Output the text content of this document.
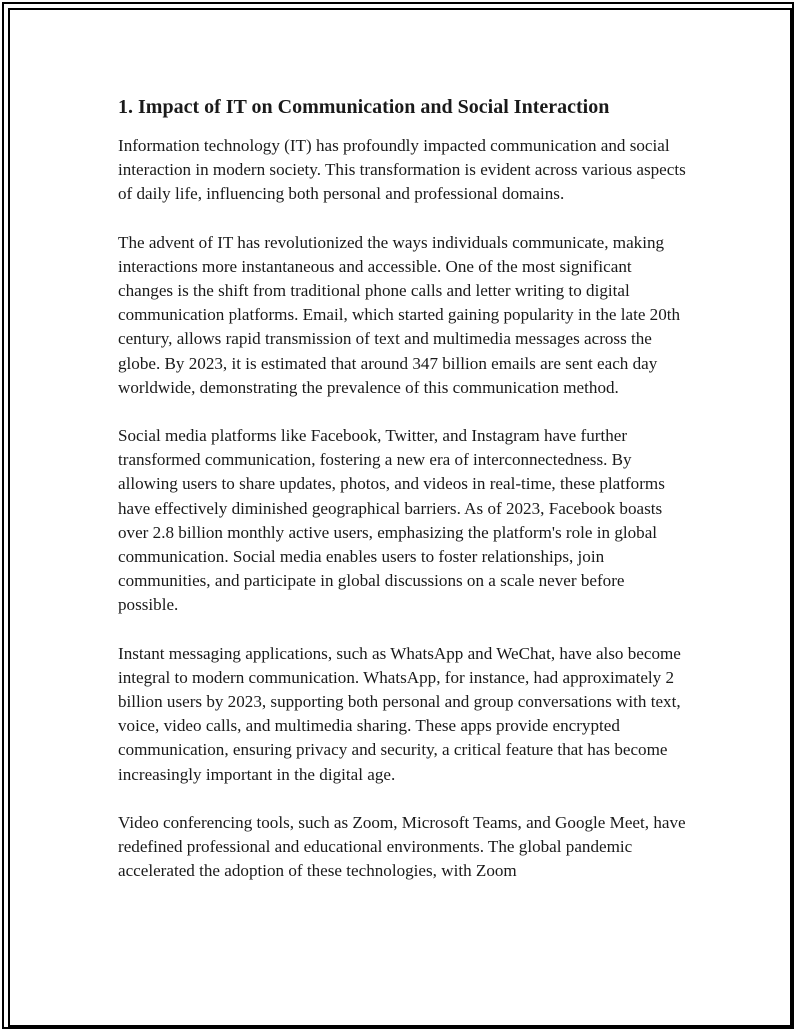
1. Impact of IT on Communication and Social Interaction

Information technology (IT) has profoundly impacted communication and social interaction in modern society. This transformation is evident across various aspects of daily life, influencing both personal and professional domains.

The advent of IT has revolutionized the ways individuals communicate, making interactions more instantaneous and accessible. One of the most significant changes is the shift from traditional phone calls and letter writing to digital communication platforms. Email, which started gaining popularity in the late 20th century, allows rapid transmission of text and multimedia messages across the globe. By 2023, it is estimated that around 347 billion emails are sent each day worldwide, demonstrating the prevalence of this communication method.

Social media platforms like Facebook, Twitter, and Instagram have further transformed communication, fostering a new era of interconnectedness. By allowing users to share updates, photos, and videos in real-time, these platforms have effectively diminished geographical barriers. As of 2023, Facebook boasts over 2.8 billion monthly active users, emphasizing the platform's role in global communication. Social media enables users to foster relationships, join communities, and participate in global discussions on a scale never before possible.

Instant messaging applications, such as WhatsApp and WeChat, have also become integral to modern communication. WhatsApp, for instance, had approximately 2 billion users by 2023, supporting both personal and group conversations with text, voice, video calls, and multimedia sharing. These apps provide encrypted communication, ensuring privacy and security, a critical feature that has become increasingly important in the digital age.

Video conferencing tools, such as Zoom, Microsoft Teams, and Google Meet, have redefined professional and educational environments. The global pandemic accelerated the adoption of these technologies, with Zoom
